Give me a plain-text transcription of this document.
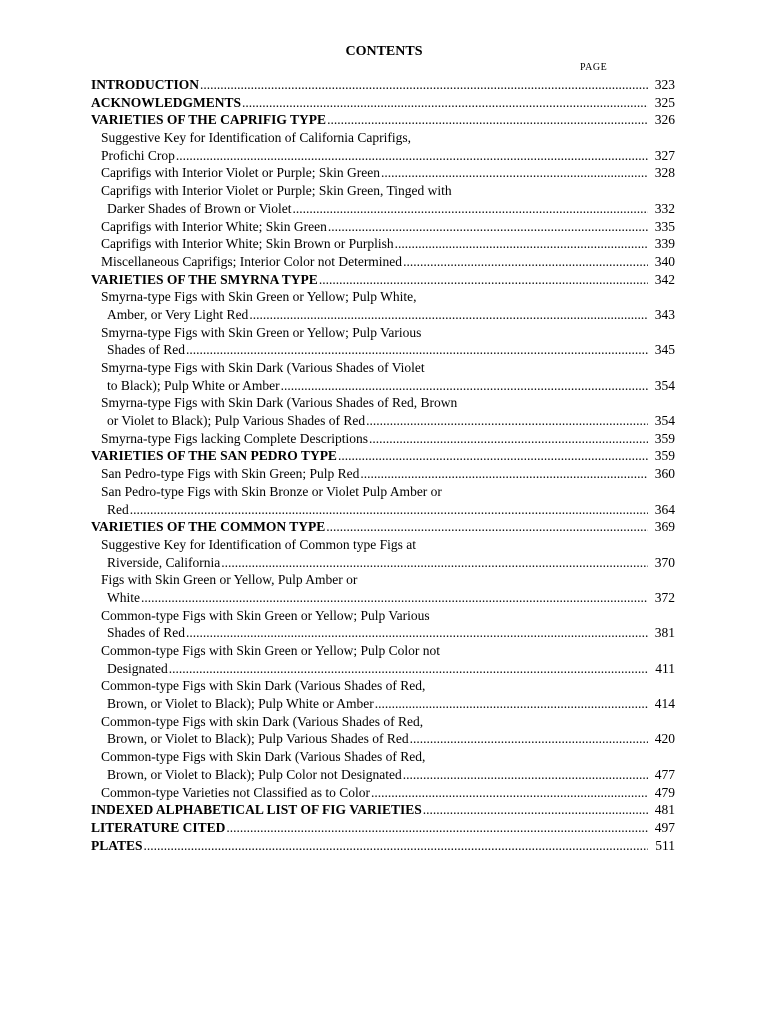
CONTENTS
PAGE
INTRODUCTION .....	323
ACKNOWLEDGMENTS .....	325
VARIETIES OF THE CAPRIFIG TYPE .....	326
Suggestive Key for Identification of California Caprifigs,
Profichi Crop .....	327
Caprifigs with Interior Violet or Purple; Skin Green .....	328
Caprifigs with Interior Violet or Purple; Skin Green, Tinged with
Darker Shades of Brown or Violet .....	332
Caprifigs with Interior White; Skin Green .....	335
Caprifigs with Interior White; Skin Brown or Purplish .....	339
Miscellaneous Caprifigs; Interior Color not Determined .....	340
VARIETIES OF THE SMYRNA TYPE .....	342
Smyrna-type Figs with Skin Green or Yellow; Pulp White,
Amber, or Very Light Red .....	343
Smyrna-type Figs with Skin Green or Yellow; Pulp Various
Shades of Red .....	345
Smyrna-type Figs with Skin Dark (Various Shades of Violet
to Black); Pulp White or Amber .....	354
Smyrna-type Figs with Skin Dark (Various Shades of Red, Brown
or Violet to Black); Pulp Various Shades of Red .....	354
Smyrna-type Figs lacking Complete Descriptions .....	359
VARIETIES OF THE SAN PEDRO TYPE .....	359
San Pedro-type Figs with Skin Green; Pulp Red .....	360
San Pedro-type Figs with Skin Bronze or Violet Pulp Amber or
Red .....	364
VARIETIES OF THE COMMON TYPE .....	369
Suggestive Key for Identification of Common type Figs at
Riverside, California .....	370
Figs with Skin Green or Yellow, Pulp Amber or
White .....	372
Common-type Figs with Skin Green or Yellow; Pulp Various
Shades of Red .....	381
Common-type Figs with Skin Green or Yellow; Pulp Color not
Designated .....	411
Common-type Figs with Skin Dark (Various Shades of Red,
Brown, or Violet to Black); Pulp White or Amber .....	414
Common-type Figs with skin Dark (Various Shades of Red,
Brown, or Violet to Black); Pulp Various Shades of Red .....	420
Common-type Figs with Skin Dark (Various Shades of Red,
Brown, or Violet to Black); Pulp Color not Designated .....	477
Common-type Varieties not Classified as to Color .....	479
INDEXED ALPHABETICAL LIST OF FIG VARIETIES .....	481
LITERATURE CITED .....	497
PLATES .....	511
